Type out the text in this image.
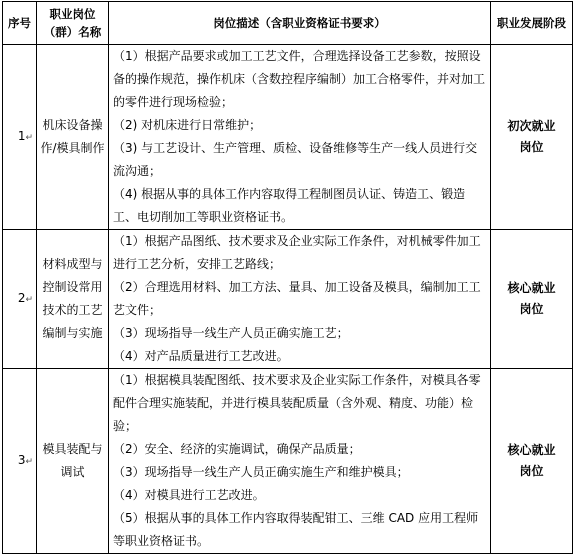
序号	职业岗位（群）名称	岗位描述（含职业资格证书要求）	职业发展阶段
1↵	机床设备操作/模具制作	（1）根据产品要求或加工工艺文件，合理选择设备工艺参数，按照设备的操作规范，操作机床（含数控程序编制）加工合格零件，并对加工的零件进行现场检验；

（2) 对机床进行日常维护；

（3) 与工艺设计、生产管理、质检、设备维修等生产一线人员进行交流沟通；

（4) 根据从事的具体工作内容取得工程制图员认证、铸造工、锻造工、电切削加工等职业资格证书。	初次就业岗位
2↵	材料成型与控制设常用技术的工艺编制与实施	（1）根据产品图纸、技术要求及企业实际工作条件，对机械零件加工进行工艺分析，安排工艺路线；

（2）合理选用材料、加工方法、量具、加工设备及模具，编制加工工艺文件；

（3）现场指导一线生产人员正确实施工艺；

（4）对产品质量进行工艺改进。	核心就业岗位
3↵	模具装配与调试	（1）根据模具装配图纸、技术要求及企业实际工作条件，对模具各零配件合理实施装配，并进行模具装配质量（含外观、精度、功能）检验；

（2）安全、经济的实施调试，确保产品质量；

（3）现场指导一线生产人员正确实施生产和维护模具；

（4）对模具进行工艺改进。

（5）根据从事的具体工作内容取得装配钳工、三维 CAD 应用工程师等职业资格证书。	核心就业岗位
